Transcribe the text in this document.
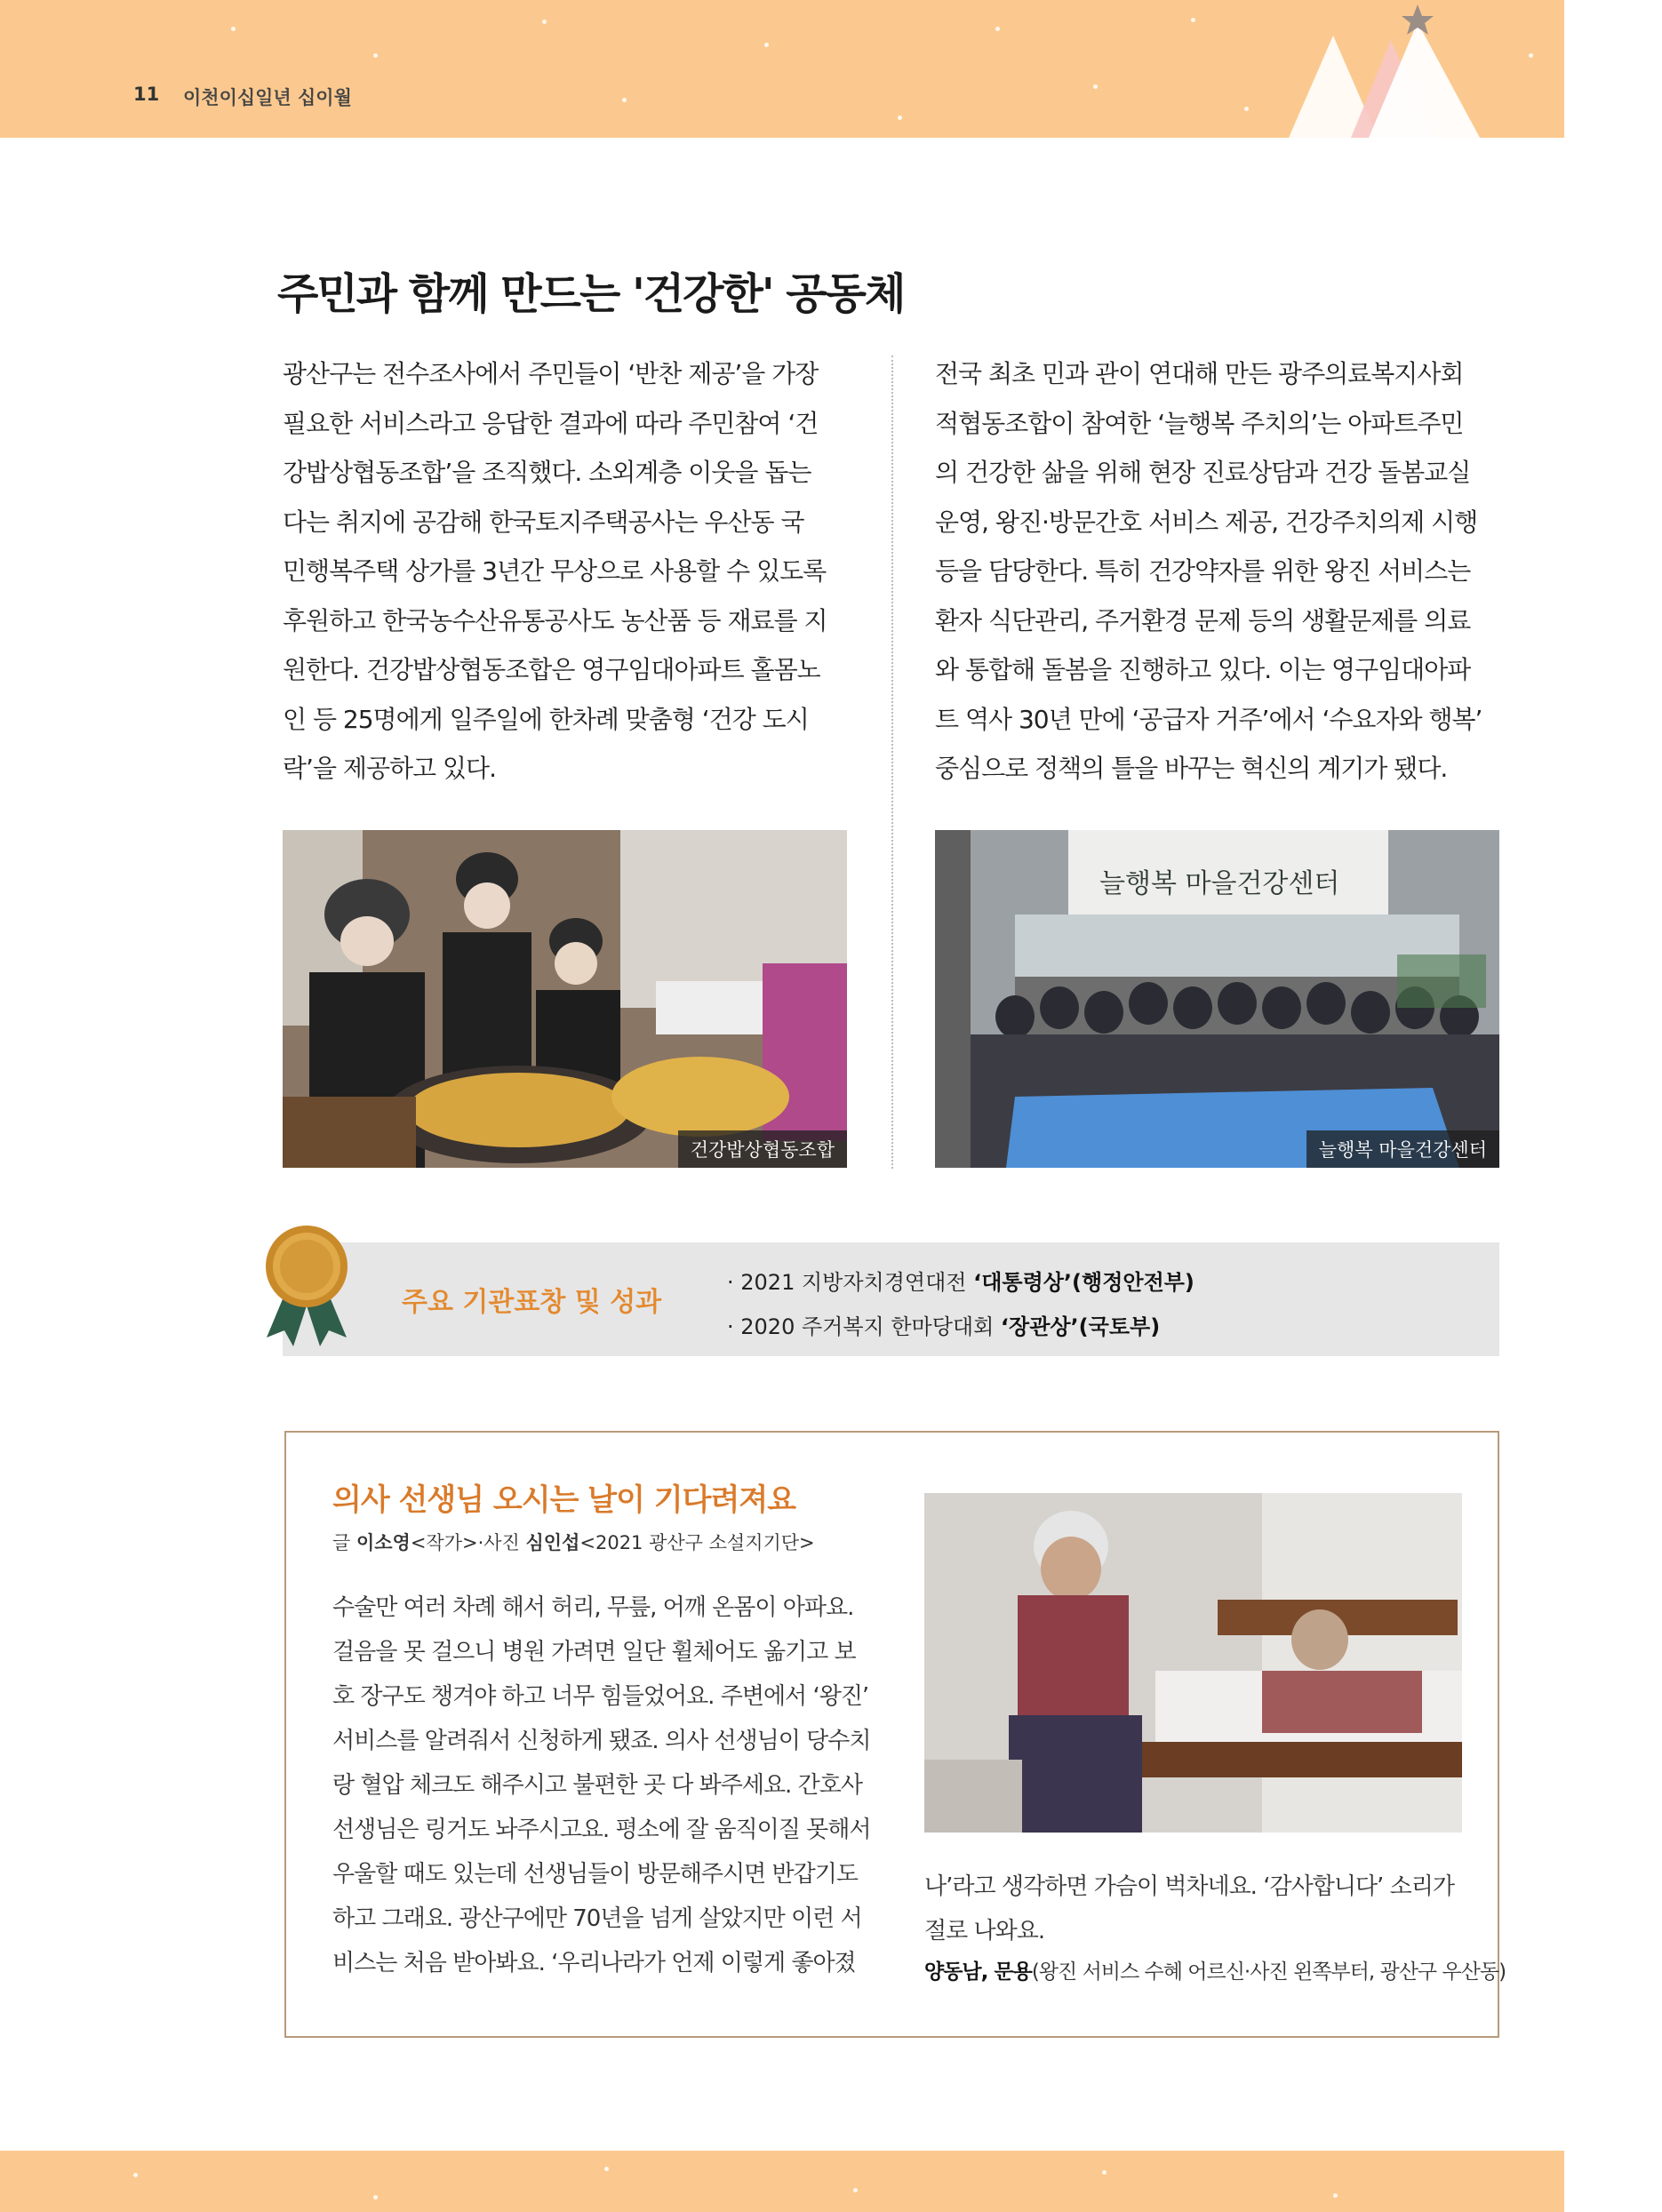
11 이천이십일년 십이월
주민과 함께 만드는 '건강한' 공동체
광산구는 전수조사에서 주민들이 ‘반찬 제공’을 가장
필요한 서비스라고 응답한 결과에 따라 주민참여 ‘건
강밥상협동조합’을 조직했다. 소외계층 이웃을 돕는
다는 취지에 공감해 한국토지주택공사는 우산동 국
민행복주택 상가를 3년간 무상으로 사용할 수 있도록
후원하고 한국농수산유통공사도 농산품 등 재료를 지
원한다. 건강밥상협동조합은 영구임대아파트 홀몸노
인 등 25명에게 일주일에 한차례 맞춤형 ‘건강 도시
락’을 제공하고 있다.
전국 최초 민과 관이 연대해 만든 광주의료복지사회
적협동조합이 참여한 ‘늘행복 주치의’는 아파트주민
의 건강한 삶을 위해 현장 진료상담과 건강 돌봄교실
운영, 왕진·방문간호 서비스 제공, 건강주치의제 시행
등을 담당한다. 특히 건강약자를 위한 왕진 서비스는
환자 식단관리, 주거환경 문제 등의 생활문제를 의료
와 통합해 돌봄을 진행하고 있다. 이는 영구임대아파
트 역사 30년 만에 ‘공급자 거주’에서 ‘수요자와 행복’
중심으로 정책의 틀을 바꾸는 혁신의 계기가 됐다.
건강밥상협동조합
늘행복 마을건강센터
늘행복 마을건강센터
주요 기관표창 및 성과
· 2021 지방자치경연대전 ‘대통령상’(행정안전부)
· 2020 주거복지 한마당대회 ‘장관상’(국토부)
의사 선생님 오시는 날이 기다려져요
글 이소영<작가>·사진 심인섭<2021 광산구 소설지기단>
수술만 여러 차례 해서 허리, 무릎, 어깨 온몸이 아파요.
걸음을 못 걸으니 병원 가려면 일단 휠체어도 옮기고 보
호 장구도 챙겨야 하고 너무 힘들었어요. 주변에서 ‘왕진’
서비스를 알려줘서 신청하게 됐죠. 의사 선생님이 당수치
랑 혈압 체크도 해주시고 불편한 곳 다 봐주세요. 간호사
선생님은 링거도 놔주시고요. 평소에 잘 움직이질 못해서
우울할 때도 있는데 선생님들이 방문해주시면 반갑기도
하고 그래요. 광산구에만 70년을 넘게 살았지만 이런 서
비스는 처음 받아봐요. ‘우리나라가 언제 이렇게 좋아졌
나’라고 생각하면 가슴이 벅차네요. ‘감사합니다’ 소리가
절로 나와요.
양동남, 문용(왕진 서비스 수혜 어르신·사진 왼쪽부터, 광산구 우산동)
